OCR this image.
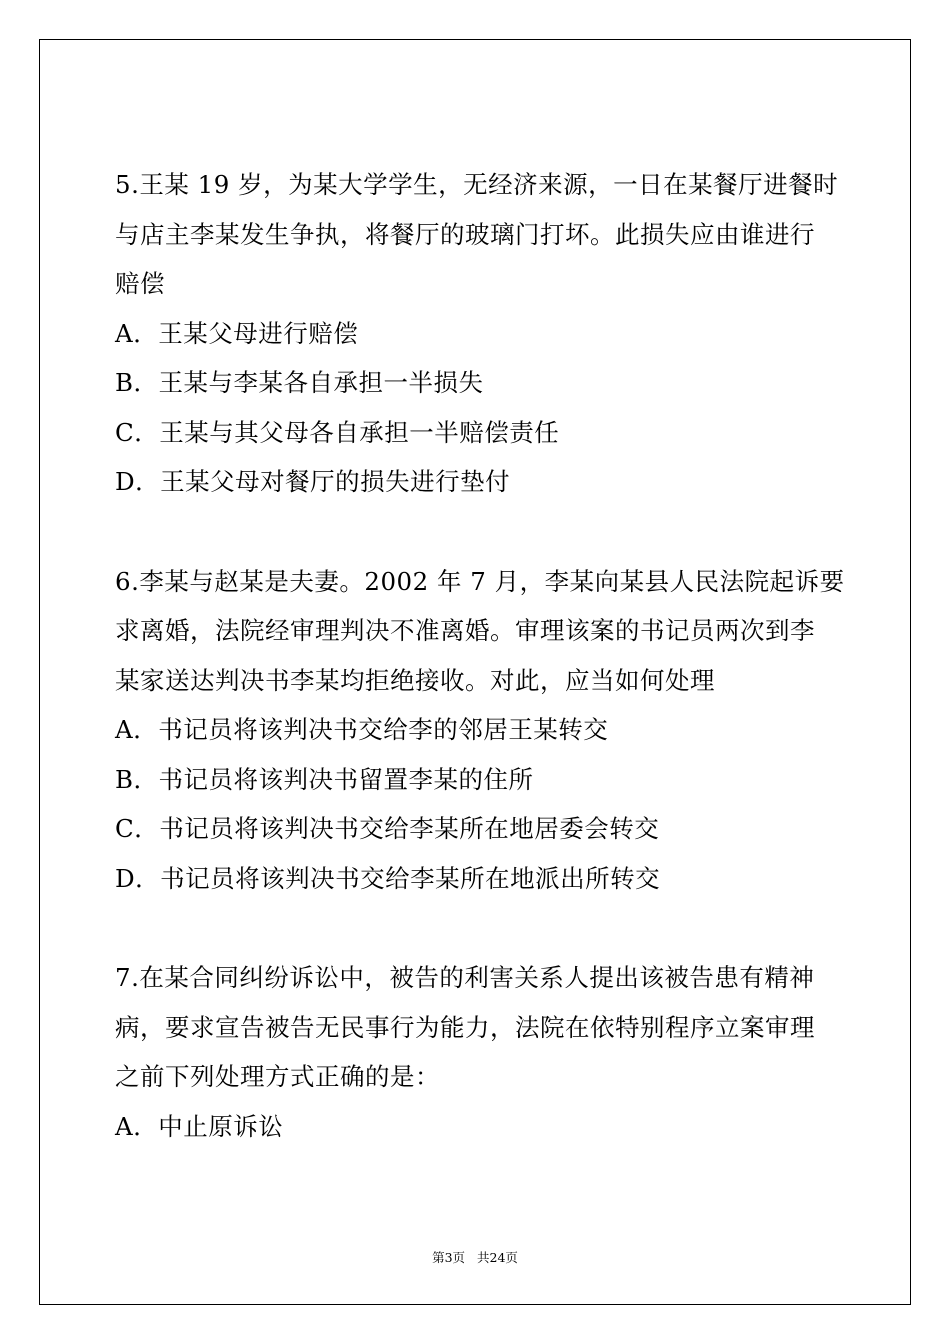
5.王某 19 岁，为某大学学生，无经济来源，一日在某餐厅进餐时
与店主李某发生争执，将餐厅的玻璃门打坏。此损失应由谁进行
赔偿
A．王某父母进行赔偿
B．王某与李某各自承担一半损失
C．王某与其父母各自承担一半赔偿责任
D．王某父母对餐厅的损失进行垫付
6.李某与赵某是夫妻。2002 年 7 月，李某向某县人民法院起诉要
求离婚，法院经审理判决不准离婚。审理该案的书记员两次到李
某家送达判决书李某均拒绝接收。对此，应当如何处理
A．书记员将该判决书交给李的邻居王某转交
B．书记员将该判决书留置李某的住所
C．书记员将该判决书交给李某所在地居委会转交
D．书记员将该判决书交给李某所在地派出所转交
7.在某合同纠纷诉讼中，被告的利害关系人提出该被告患有精神
病，要求宣告被告无民事行为能力，法院在依特别程序立案审理
之前下列处理方式正确的是：
A．中止原诉讼
第3页 共24页
